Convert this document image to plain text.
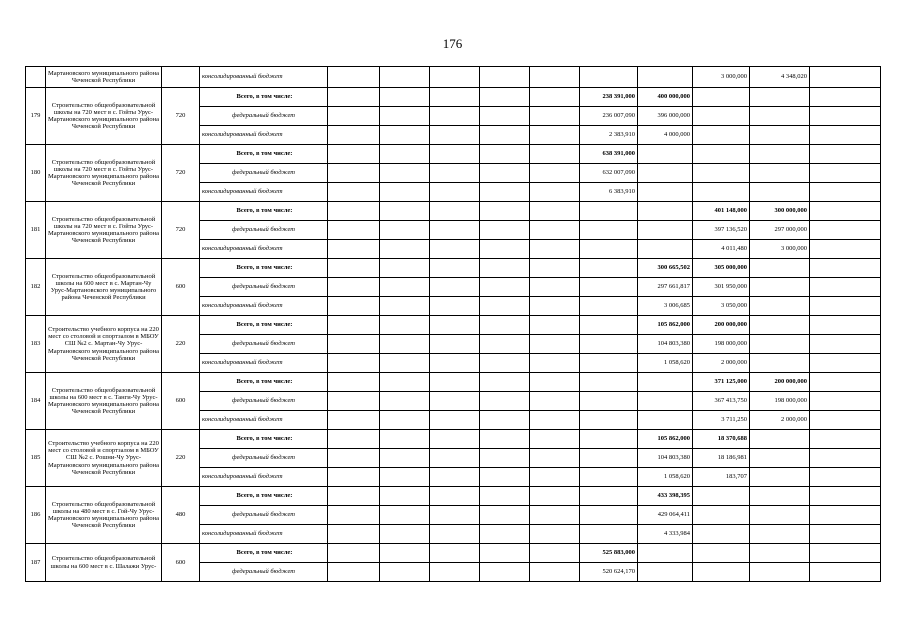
176
	Мартановского муниципального района Чеченской Республики		консолидированный бюджет								3 000,000	4 348,020	
179	Строительство общеобразовательной школы на 720 мест в с. Гойты Урус-Мартановского муниципального района Чеченской Республики	720	Всего, в том числе:						238 391,000	400 000,000			
			федеральный бюджет						236 007,090	396 000,000			
			консолидированный бюджет						2 383,910	4 000,000			
180	Строительство общеобразовательной школы на 720 мест в с. Гойты Урус-Мартановского муниципального района Чеченской Республики	720	Всего, в том числе:						638 391,000				
			федеральный бюджет						632 007,090				
			консолидированный бюджет						6 383,910				
181	Строительство общеобразовательной школы на 720 мест в с. Гойты Урус-Мартановского муниципального района Чеченской Республики	720	Всего, в том числе:								401 148,000	300 000,000	
			федеральный бюджет								397 136,520	297 000,000	
			консолидированный бюджет								4 011,480	3 000,000	
182	Строительство общеобразовательной школы на 600 мест в с. Мартан-Чу Урус-Мартановского муниципального района Чеченской Республики	600	Всего, в том числе:							300 665,502	305 000,000		
			федеральный бюджет							297 661,817	301 950,000		
			консолидированный бюджет							3 006,685	3 050,000		
183	Строительство учебного корпуса на 220 мест со столовой и спортзалом в МБОУ СШ №2 с. Мартан-Чу Урус-Мартановского муниципального района Чеченской Республики	220	Всего, в том числе:							105 862,000	200 000,000		
			федеральный бюджет							104 803,380	198 000,000		
			консолидированный бюджет							1 058,620	2 000,000		
184	Строительство общеобразовательной школы на 600 мест в с. Танги-Чу Урус-Мартановского муниципального района Чеченской Республики	600	Всего, в том числе:								371 125,000	200 000,000	
			федеральный бюджет								367 413,750	198 000,000	
			консолидированный бюджет								3 711,250	2 000,000	
185	Строительство учебного корпуса на 220 мест со столовой и спортзалом в МБОУ СШ №2 с. Рошни-Чу Урус-Мартановского муниципального района Чеченской Республики	220	Всего, в том числе:							105 862,000	18 370,688		
			федеральный бюджет							104 803,380	18 186,981		
			консолидированный бюджет							1 058,620	183,707		
186	Строительство общеобразовательной школы на 480 мест в с. Гой-Чу Урус-Мартановского муниципального района Чеченской Республики	480	Всего, в том числе:							433 398,395			
			федеральный бюджет							429 064,411			
			консолидированный бюджет							4 333,984			
187	Строительство общеобразовательной школы на 600 мест в с. Шалажи Урус-	600	Всего, в том числе:						525 883,000				
			федеральный бюджет						520 624,170				
